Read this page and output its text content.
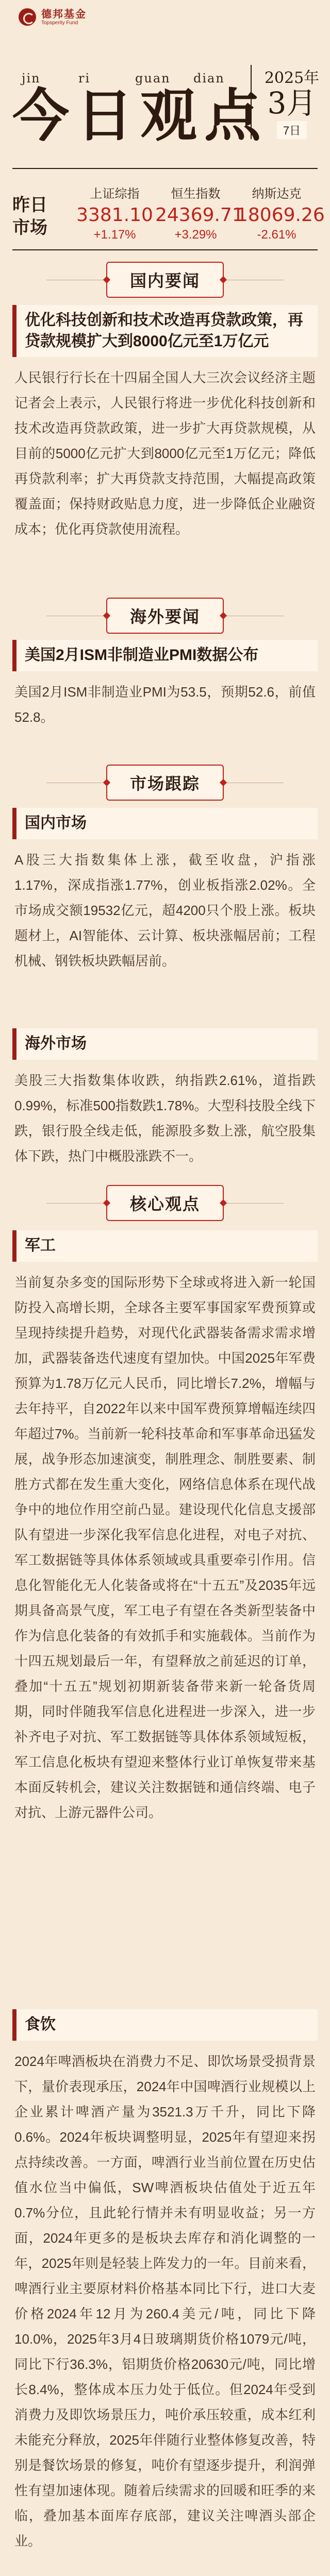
德邦基金
Topsperity Fund
jin	ri	guan dian
今日观点
2025年
3月
7日
昨日
市场
上证综指
3381.10
+1.17%
恒生指数
24369.71
+3.29%
纳斯达克
18069.26
-2.61%
国内要闻
优化科技创新和技术改造再贷款政策，再贷款规模扩大到8000亿元至1万亿元
人民银行行长在十四届全国人大三次会议经济主题记者会上表示，人民银行将进一步优化科技创新和技术改造再贷款政策，进一步扩大再贷款规模，从目前的5000亿元扩大到8000亿元至1万亿元；降低再贷款利率；扩大再贷款支持范围，大幅提高政策覆盖面；保持财政贴息力度，进一步降低企业融资成本；优化再贷款使用流程。
海外要闻
美国2月ISM非制造业PMI数据公布
美国2月ISM非制造业PMI为53.5，预期52.6，前值52.8。
市场跟踪
国内市场
A股三大指数集体上涨，截至收盘，沪指涨1.17%，深成指涨1.77%，创业板指涨2.02%。全市场成交额19532亿元，超4200只个股上涨。板块题材上，AI智能体、云计算、板块涨幅居前；工程机械、钢铁板块跌幅居前。
海外市场
美股三大指数集体收跌，纳指跌2.61%，道指跌0.99%，标准500指数跌1.78%。大型科技股全线下跌，银行股全线走低，能源股多数上涨，航空股集体下跌，热门中概股涨跌不一。
核心观点
军工
当前复杂多变的国际形势下全球或将进入新一轮国防投入高增长期，全球各主要军事国家军费预算或呈现持续提升趋势，对现代化武器装备需求需求增加，武器装备迭代速度有望加快。中国2025年军费预算为1.78万亿元人民币，同比增长7.2%，增幅与去年持平，自2022年以来中国军费预算增幅连续四年超过7%。当前新一轮科技革命和军事革命迅猛发展，战争形态加速演变，制胜理念、制胜要素、制胜方式都在发生重大变化，网络信息体系在现代战争中的地位作用空前凸显。建设现代化信息支援部队有望进一步深化我军信息化进程，对电子对抗、军工数据链等具体体系领域或具重要牵引作用。信息化智能化无人化装备或将在“十五五”及2035年远期具备高景气度，军工电子有望在各类新型装备中作为信息化装备的有效抓手和实施载体。当前作为十四五规划最后一年，有望释放之前延迟的订单，叠加“十五五”规划初期新装备带来新一轮备货周期，同时伴随我军信息化进程进一步深入，进一步补齐电子对抗、军工数据链等具体体系领域短板，军工信息化板块有望迎来整体行业订单恢复带来基本面反转机会，建议关注数据链和通信终端、电子对抗、上游元器件公司。
食饮
2024年啤酒板块在消费力不足、即饮场景受损背景下，量价表现承压，2024年中国啤酒行业规模以上企业累计啤酒产量为3521.3万千升，同比下降0.6%。2024年板块调整明显，2025年有望迎来拐点持续改善。一方面，啤酒行业当前位置在历史估值水位当中偏低，SW啤酒板块估值处于近五年0.7%分位，且此轮行情并未有明显收益；另一方面，2024年更多的是板块去库存和消化调整的一年，2025年则是轻装上阵发力的一年。目前来看，啤酒行业主要原材料价格基本同比下行，进口大麦价格2024年12月为260.4美元/吨，同比下降10.0%，2025年3月4日玻璃期货价格1079元/吨，同比下行36.3%，铝期货价格20630元/吨，同比增长8.4%，整体成本压力处于低位。但2024年受到消费力及即饮场景压力，吨价承压较重，成本红利未能充分释放，2025年伴随行业整体修复改善，特别是餐饮场景的修复，吨价有望逐步提升，利润弹性有望加速体现。随着后续需求的回暖和旺季的来临，叠加基本面库存底部，建议关注啤酒头部企业。
